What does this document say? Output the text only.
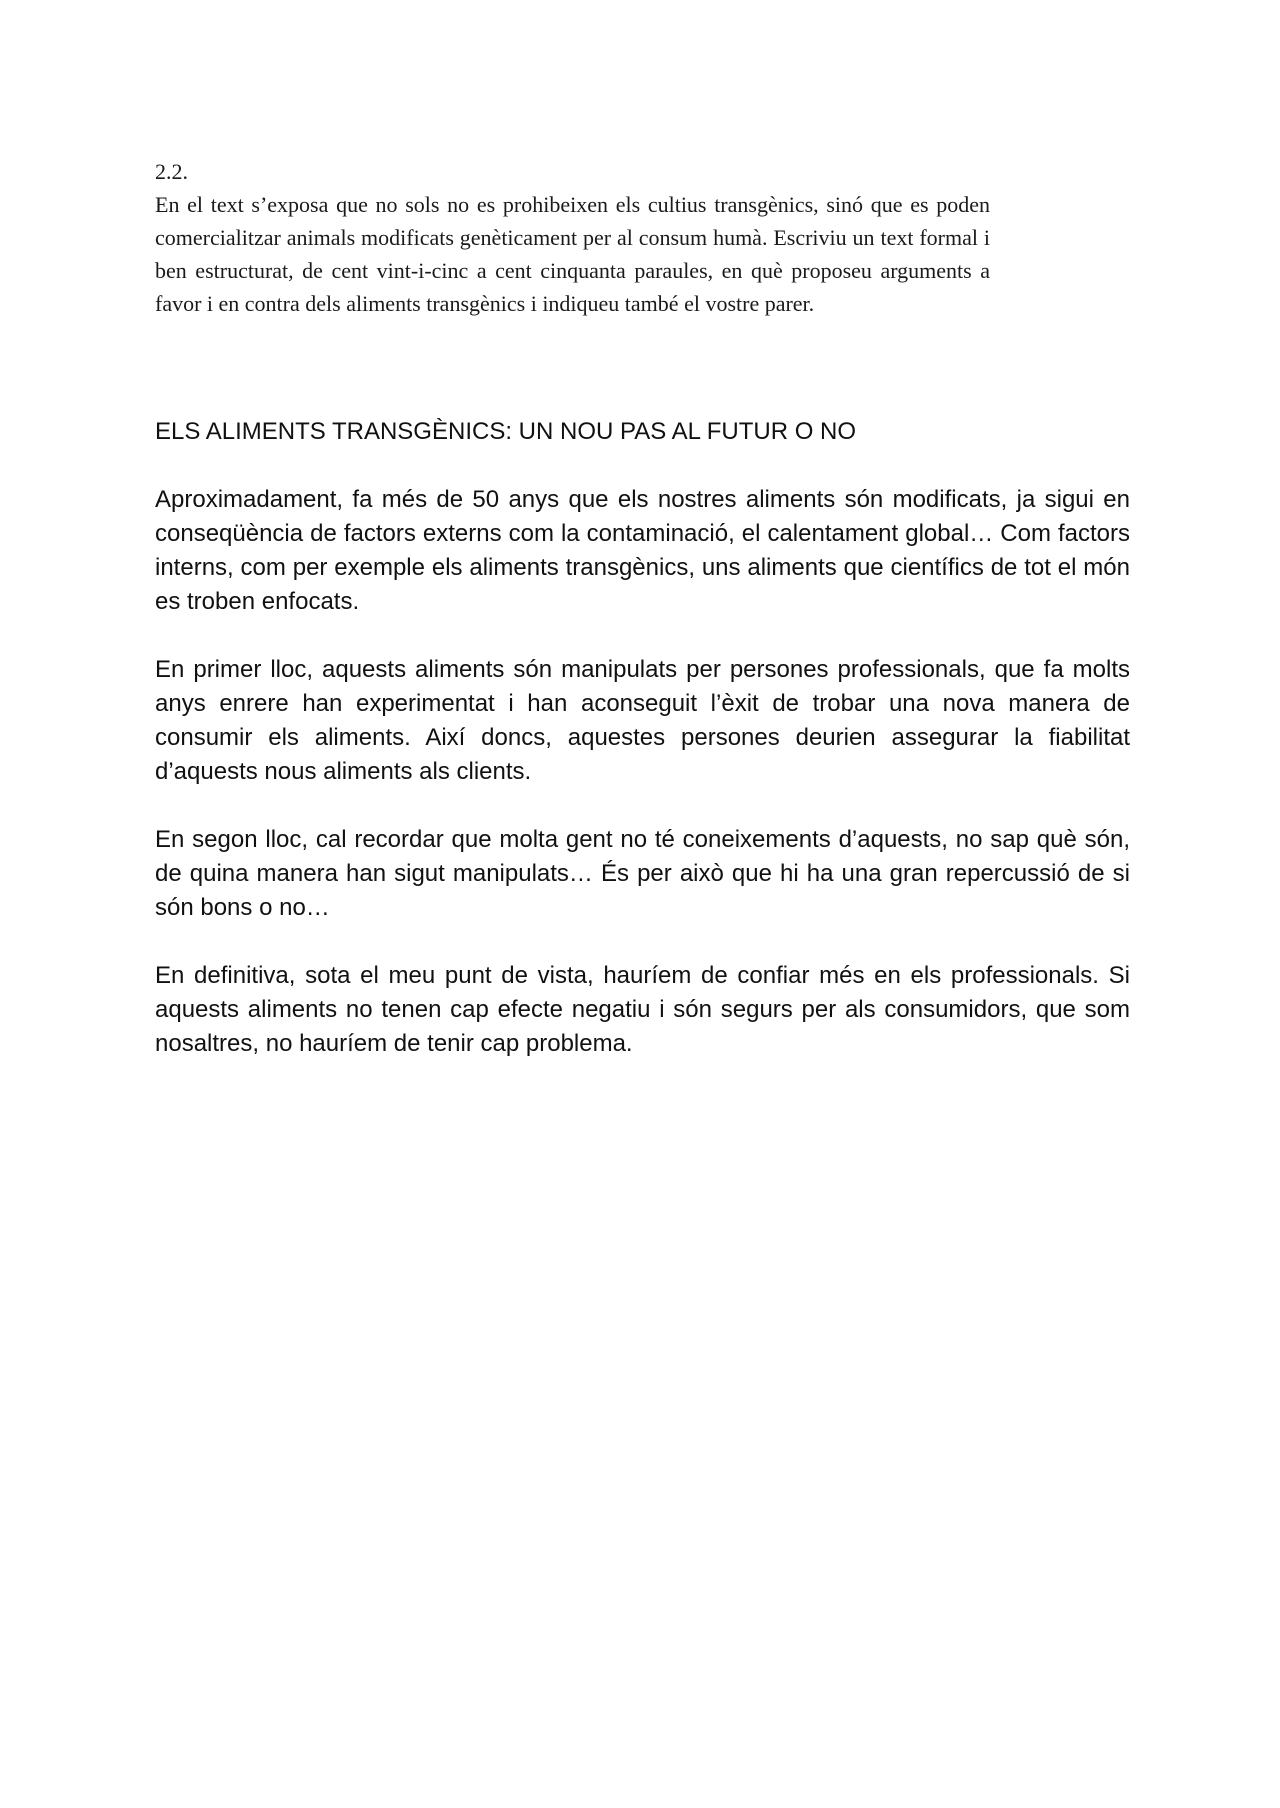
2.2.

En el text s’exposa que no sols no es prohibeixen els cultius transgènics, sinó que es poden comercialitzar animals modificats genèticament per al consum humà. Escriviu un text formal i ben estructurat, de cent vint-i-cinc a cent cinquanta paraules, en què proposeu arguments a favor i en contra dels aliments transgènics i indiqueu també el vostre parer.

ELS ALIMENTS TRANSGÈNICS: UN NOU PAS AL FUTUR O NO

Aproximadament, fa més de 50 anys que els nostres aliments són modificats, ja sigui en conseqüència de factors externs com la contaminació, el calentament global… Com factors interns, com per exemple els aliments transgènics, uns aliments que científics de tot el món es troben enfocats.

En primer lloc, aquests aliments són manipulats per persones professionals, que fa molts anys enrere han experimentat i han aconseguit l’èxit de trobar una nova manera de consumir els aliments. Així doncs, aquestes persones deurien assegurar la fiabilitat d’aquests nous aliments als clients.

En segon lloc, cal recordar que molta gent no té coneixements d’aquests, no sap què són, de quina manera han sigut manipulats… És per això que hi ha una gran repercussió de si són bons o no…

En definitiva, sota el meu punt de vista, hauríem de confiar més en els professionals. Si aquests aliments no tenen cap efecte negatiu i són segurs per als consumidors, que som nosaltres, no hauríem de tenir cap problema.
